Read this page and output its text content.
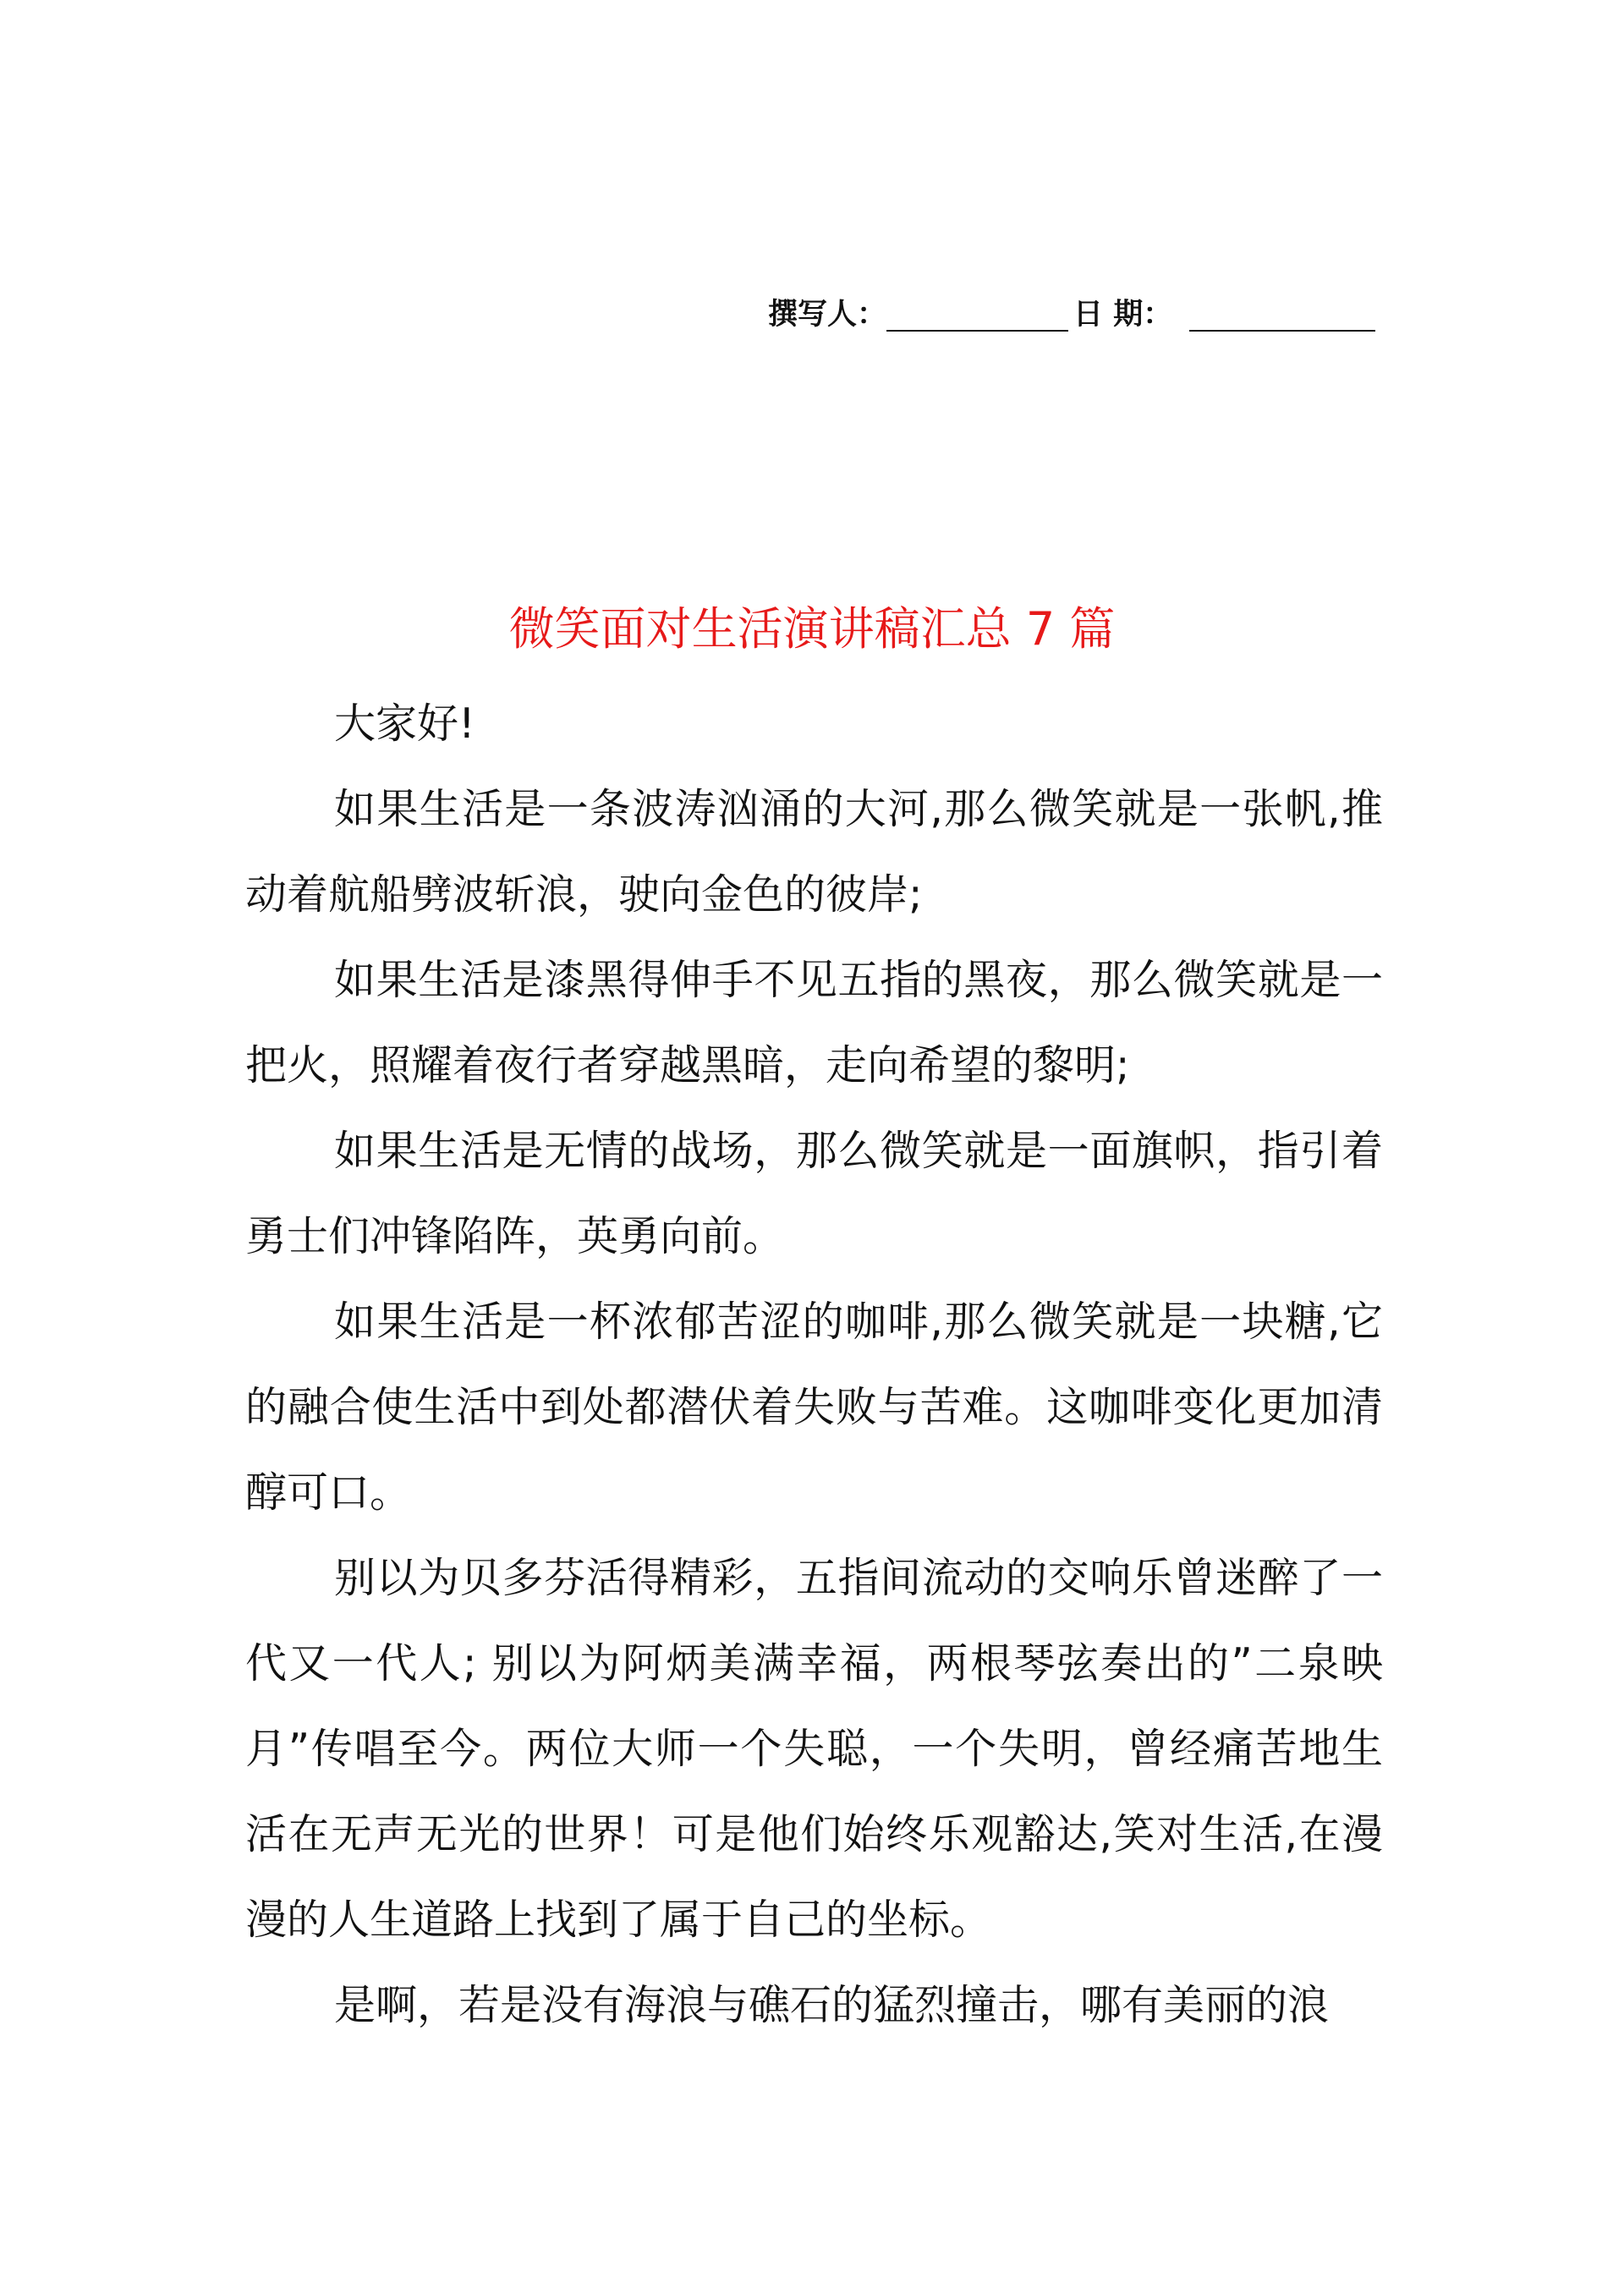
撰写人：	日 期：
微笑面对生活演讲稿汇总 7 篇

大家好!

如果生活是一条波涛汹涌的大河,那么微笑就是一张帆,推动着航船劈波斩浪，驶向金色的彼岸;

如果生活是漆黑得伸手不见五指的黑夜，那么微笑就是一把火，照耀着夜行者穿越黑暗，走向希望的黎明;

如果生活是无情的战场，那么微笑就是一面旗帜，指引着勇士们冲锋陷阵，英勇向前。

如果生活是一杯浓郁苦涩的咖啡,那么微笑就是一块糖,它的融合使生活中到处都潜伏着失败与苦难。这咖啡变化更加清醇可口。

别以为贝多芬活得精彩，五指间流动的交响乐曾迷醉了一代又一代人; 别以为阿炳美满幸福，两根琴弦奏出的”二泉映月”传唱至今。两位大师一个失聪，一个失明，曾经痛苦地生活在无声无光的世界！可是他们始终乐观豁达,笑对生活,在漫漫的人生道路上找到了属于自己的坐标。

是啊，若是没有海浪与礁石的猛烈撞击，哪有美丽的浪
